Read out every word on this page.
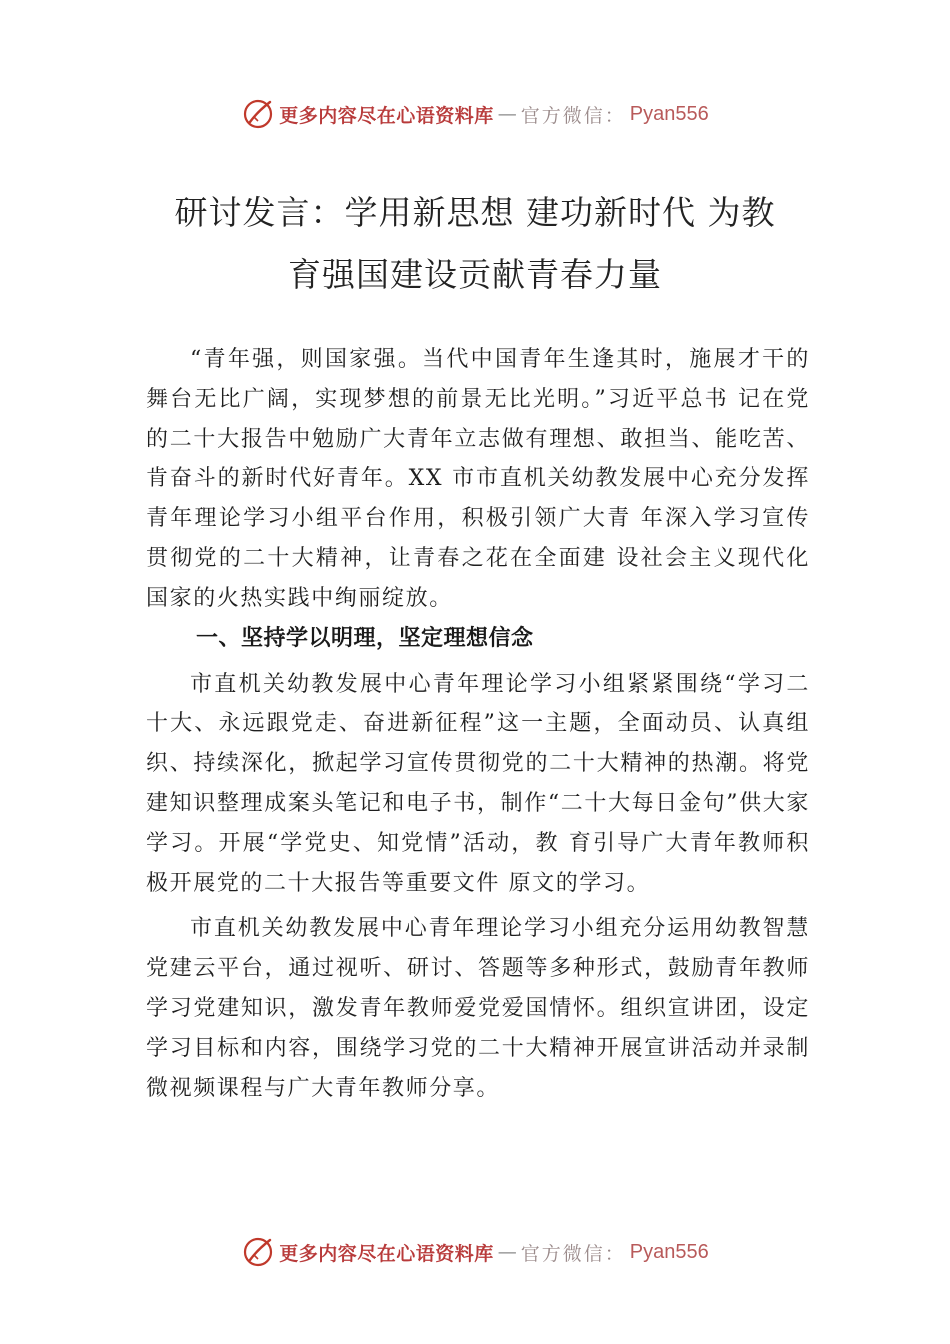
更多内容尽在心语资料库 — 官方微信： Pyan556
研讨发言：学用新思想 建功新时代 为教
育强国建设贡献青春力量

“青年强，则国家强。当代中国青年生逢其时，施展才干的舞台无比广阔，实现梦想的前景无比光明。”习近平总书 记在党的二十大报告中勉励广大青年立志做有理想、敢担当、能吃苦、肯奋斗的新时代好青年。XX 市市直机关幼教发展中心充分发挥青年理论学习小组平台作用，积极引领广大青 年深入学习宣传贯彻党的二十大精神，让青春之花在全面建 设社会主义现代化国家的火热实践中绚丽绽放。

一、坚持学以明理，坚定理想信念

市直机关幼教发展中心青年理论学习小组紧紧围绕“学习二十大、永远跟党走、奋进新征程”这一主题，全面动员、认真组织、持续深化，掀起学习宣传贯彻党的二十大精神的热潮。将党建知识整理成案头笔记和电子书，制作“二十大每日金句”供大家学习。开展“学党史、知党情”活动，教 育引导广大青年教师积极开展党的二十大报告等重要文件 原文的学习。

市直机关幼教发展中心青年理论学习小组充分运用幼教智慧党建云平台，通过视听、研讨、答题等多种形式，鼓励青年教师学习党建知识，激发青年教师爱党爱国情怀。组织宣讲团，设定学习目标和内容，围绕学习党的二十大精神开展宣讲活动并录制微视频课程与广大青年教师分享。

更多内容尽在心语资料库 — 官方微信： Pyan556
